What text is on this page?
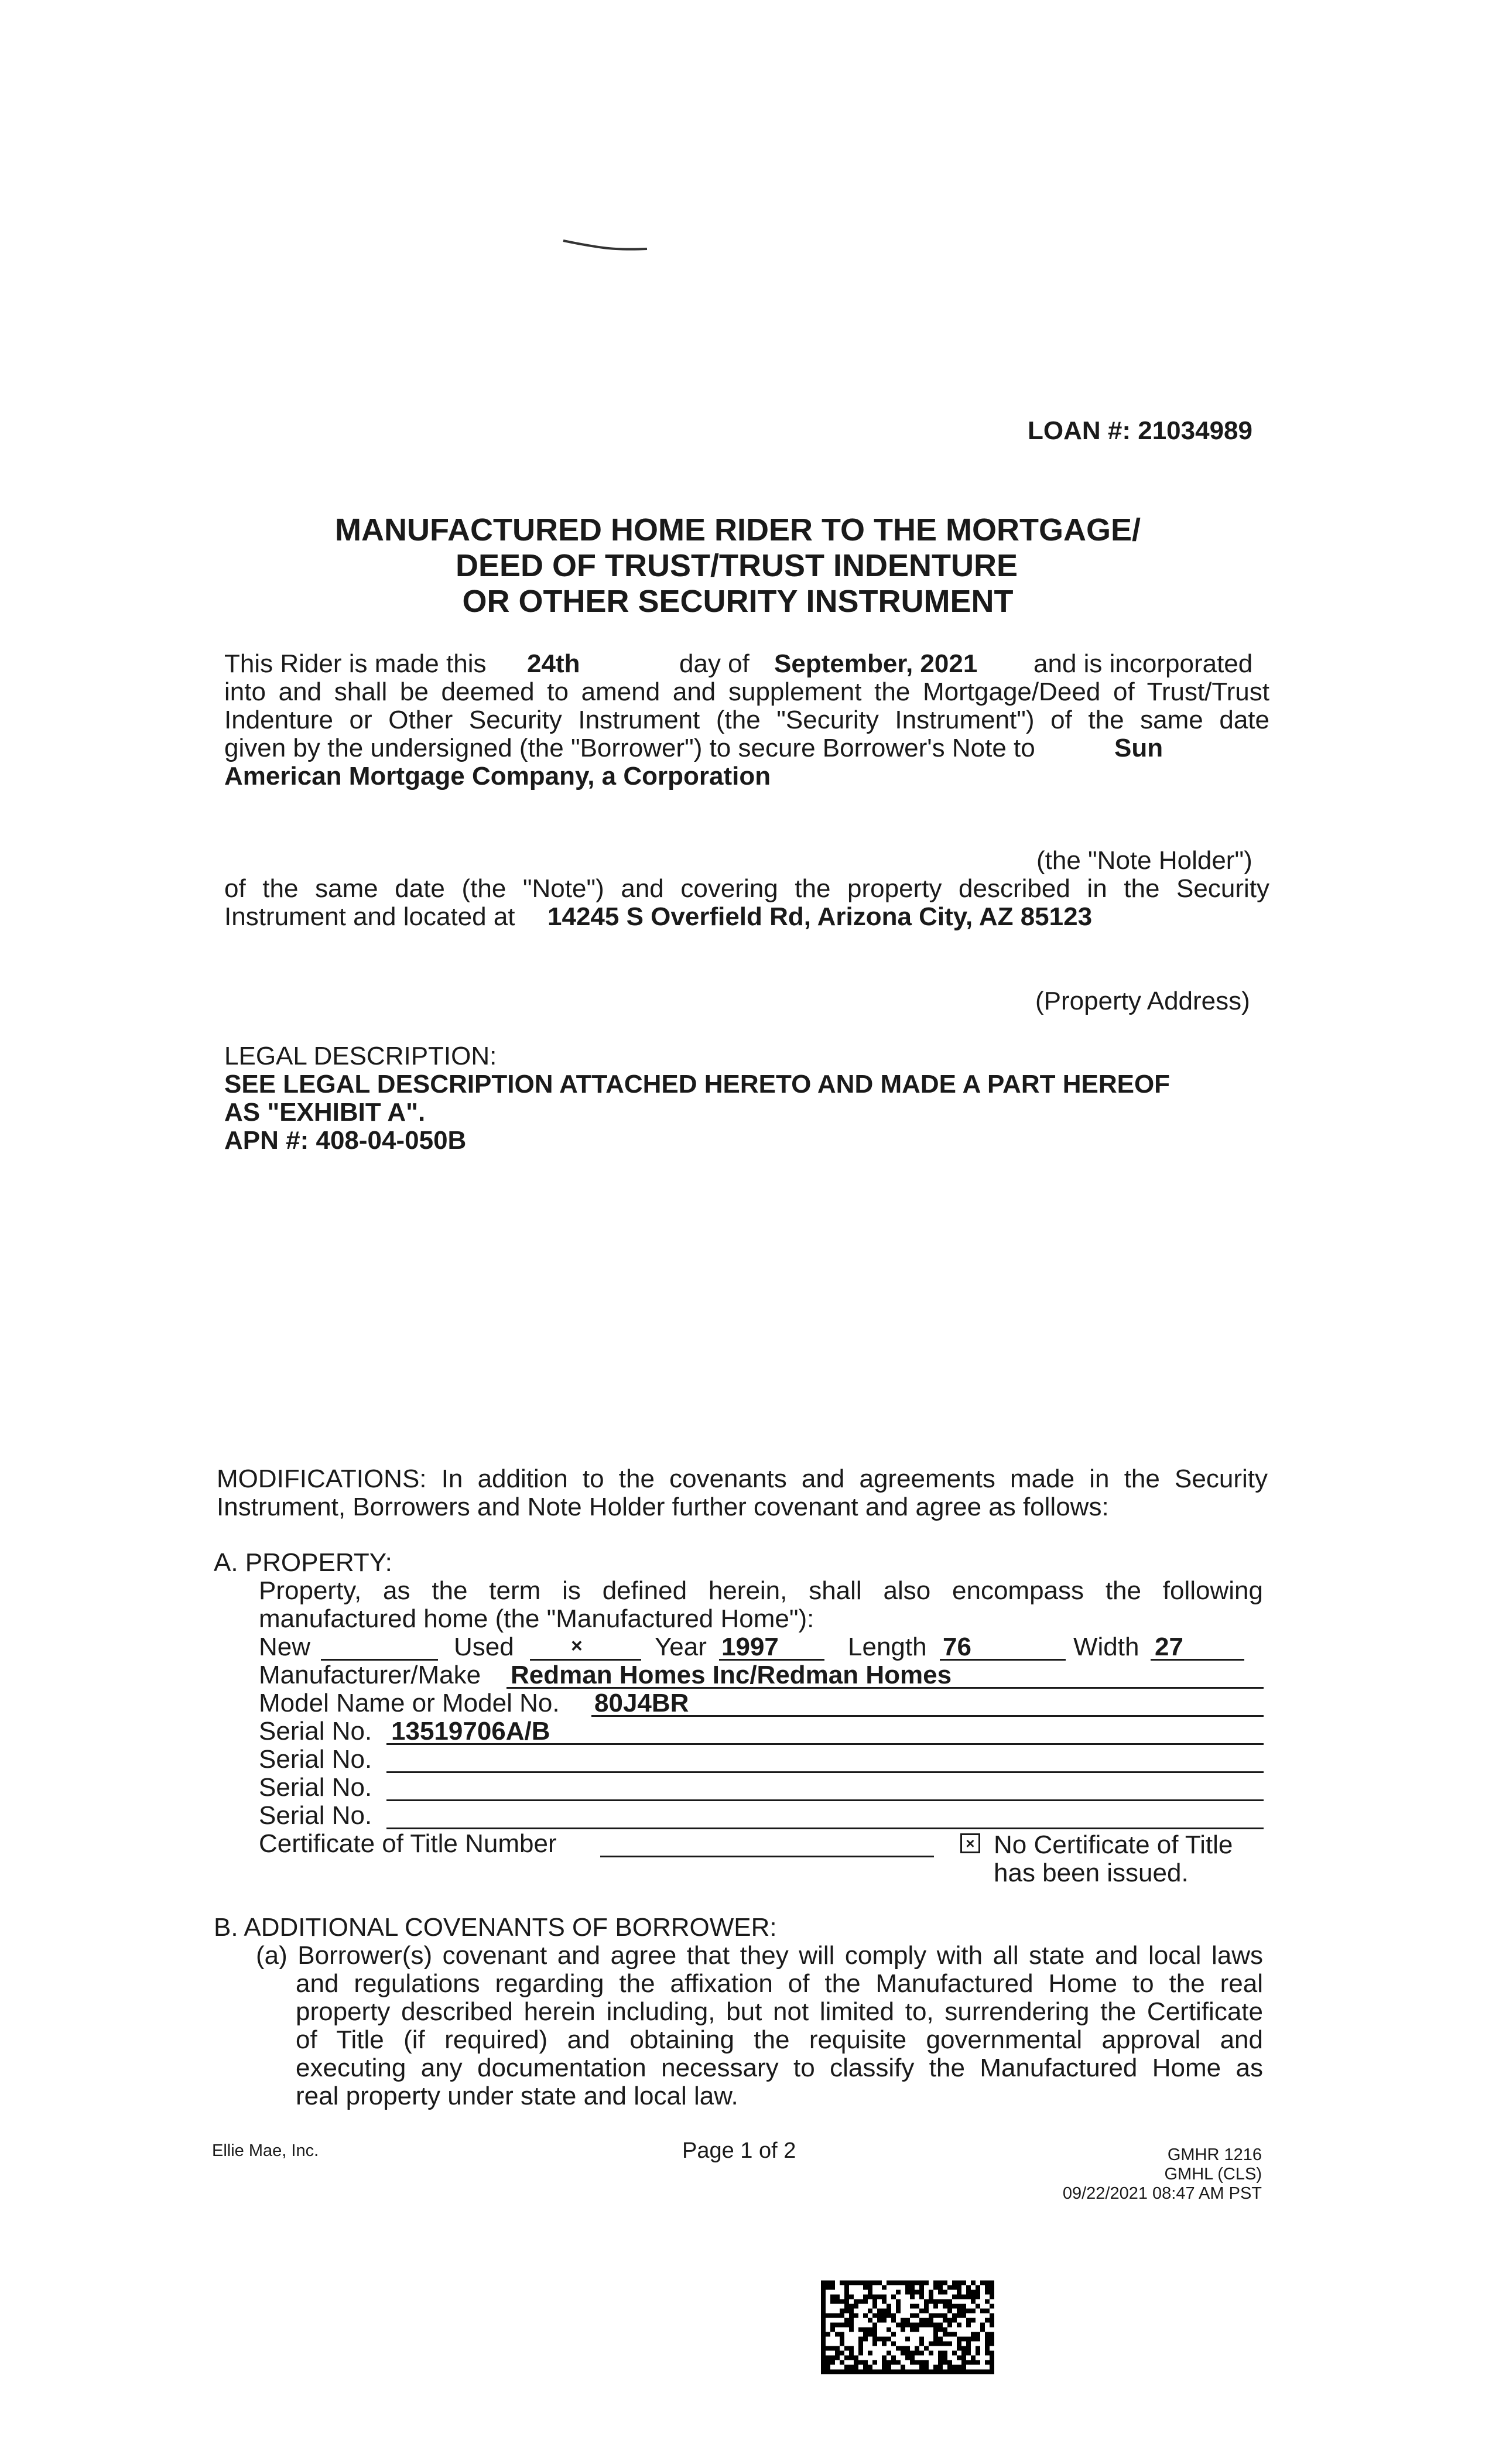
LOAN #: 21034989
MANUFACTURED HOME RIDER TO THE MORTGAGE/
DEED OF TRUST/TRUST INDENTURE
OR OTHER SECURITY INSTRUMENT
This Rider is made this 24th	day of September, 2021 and is incorporated
into and shall be deemed to amend and supplement the Mortgage/Deed of Trust/Trust
Indenture or Other Security Instrument (the "Security Instrument") of the same date
given by the undersigned (the "Borrower") to secure Borrower's Note to	Sun
American Mortgage Company, a Corporation
(the "Note Holder")
of the same date (the "Note") and covering the property described in the Security
Instrument and located at 14245 S Overfield Rd, Arizona City, AZ 85123
(Property Address)
LEGAL DESCRIPTION:
SEE LEGAL DESCRIPTION ATTACHED HERETO AND MADE A PART HEREOF
AS "EXHIBIT A".
APN #: 408-04-050B
MODIFICATIONS: In addition to the covenants and agreements made in the Security
Instrument, Borrowers and Note Holder further covenant and agree as follows:
A. PROPERTY:
Property, as the term is defined herein, shall also encompass the following
manufactured home (the "Manufactured Home"):
New	Used	×	Year 1997	Length 76	Width 27
Manufacturer/Make Redman Homes Inc/Redman Homes
Model Name or Model No. 80J4BR
Serial No. 13519706A/B
Serial No.
Serial No.
Serial No.
Certificate of Title Number	× No Certificate of Title
has been issued.
B. ADDITIONAL COVENANTS OF BORROWER:
(a) Borrower(s) covenant and agree that they will comply with all state and local laws
and regulations regarding the affixation of the Manufactured Home to the real
property described herein including, but not limited to, surrendering the Certificate
of Title (if required) and obtaining the requisite governmental approval and
executing any documentation necessary to classify the Manufactured Home as
real property under state and local law.
Ellie Mae, Inc.	Page 1 of 2	GMHR 1216
GMHL (CLS)
09/22/2021 08:47 AM PST
